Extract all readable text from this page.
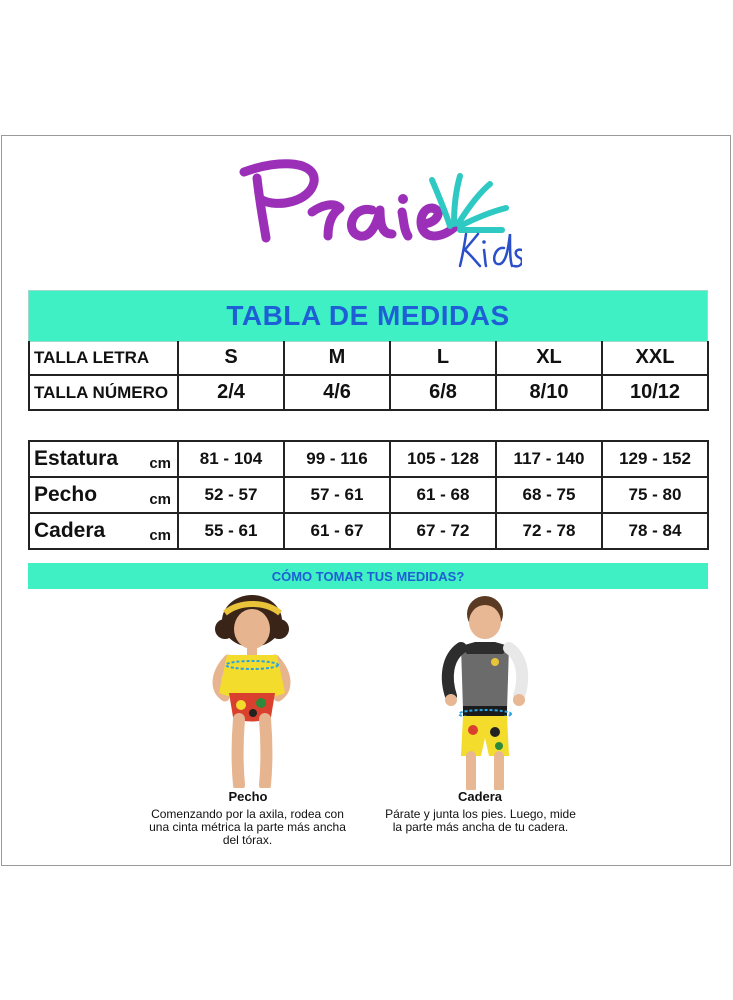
TABLA DE MEDIDAS
TALLA LETRA	S	M	L	XL	XXL
TALLA NÚMERO	2/4	4/6	6/8	8/10	10/12
Estatura cm	81 - 104	99 - 116	105 - 128	117 - 140	129 - 152
Pecho cm	52 - 57	57 - 61	61 - 68	68 - 75	75 - 80
Cadera cm	55 - 61	61 - 67	67 - 72	72 - 78	78 - 84
CÓMO TOMAR TUS MEDIDAS?
Pecho
Comenzando por la axila, rodea con una cinta métrica la parte más ancha del tórax.
Cadera
Párate y junta los pies. Luego, mide la parte más ancha de tu cadera.
